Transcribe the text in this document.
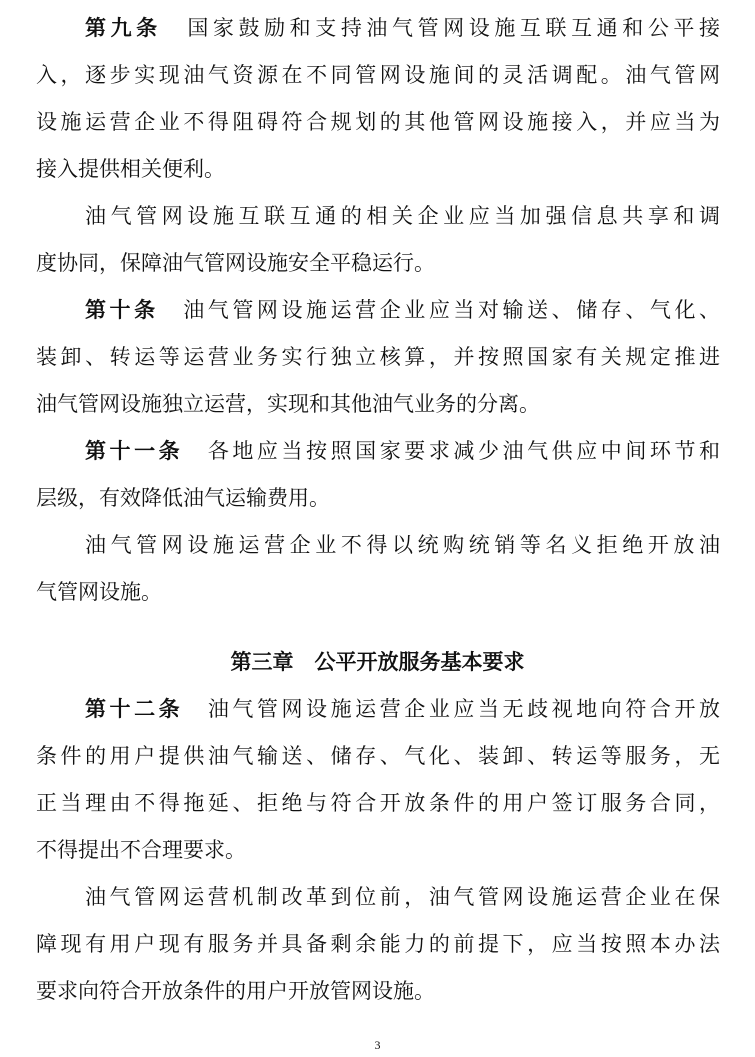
第九条　 国家鼓励和支持油气管网设施互联互通和公平接
入，逐步实现油气资源在不同管网设施间的灵活调配。油气管网
设施运营企业不得阻碍符合规划的其他管网设施接入，并应当为
接入提供相关便利。
油气管网设施互联互通的相关企业应当加强信息共享和调
度协同，保障油气管网设施安全平稳运行。
第十条　 油气管网设施运营企业应当对输送、储存、气化、
装卸、转运等运营业务实行独立核算，并按照国家有关规定推进
油气管网设施独立运营，实现和其他油气业务的分离。
第十一条　 各地应当按照国家要求减少油气供应中间环节和
层级，有效降低油气运输费用。
油气管网设施运营企业不得以统购统销等名义拒绝开放油
气管网设施。
第三章　公平开放服务基本要求
第十二条　 油气管网设施运营企业应当无歧视地向符合开放
条件的用户提供油气输送、储存、气化、装卸、转运等服务，无
正当理由不得拖延、拒绝与符合开放条件的用户签订服务合同，
不得提出不合理要求。
油气管网运营机制改革到位前，油气管网设施运营企业在保
障现有用户现有服务并具备剩余能力的前提下，应当按照本办法
要求向符合开放条件的用户开放管网设施。
3
